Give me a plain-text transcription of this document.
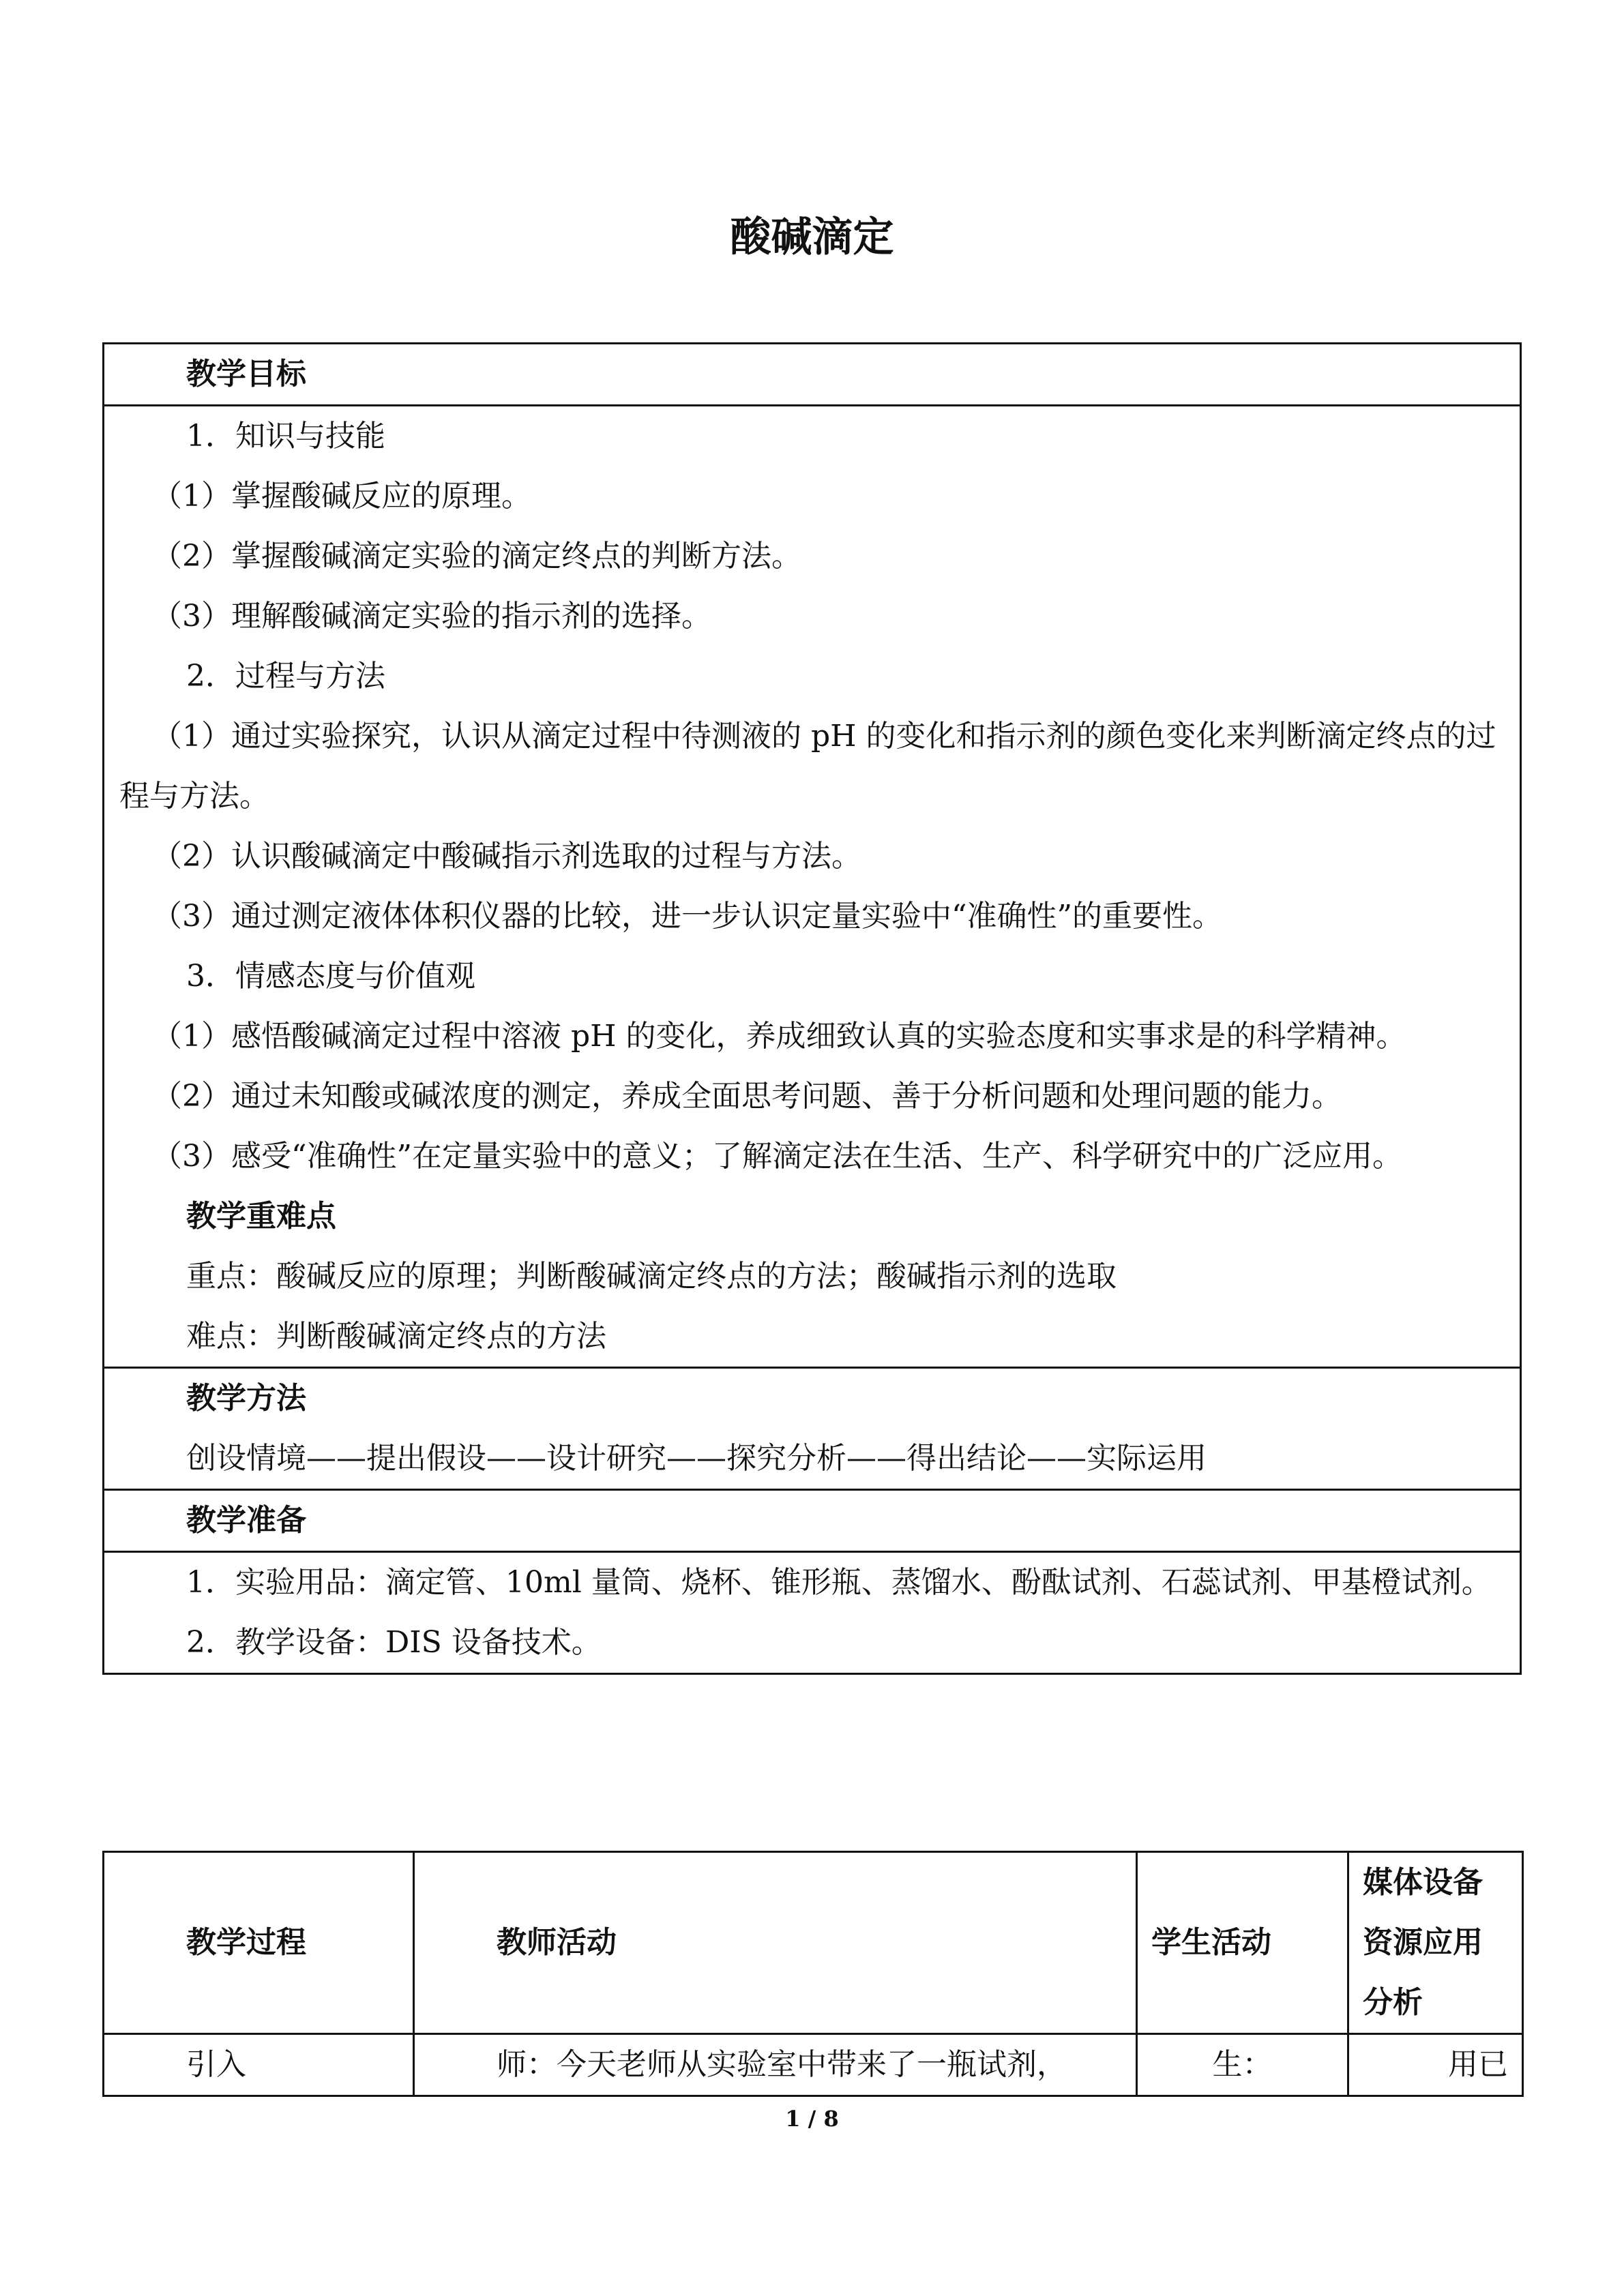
酸碱滴定
教学目标

1．知识与技能
（1）掌握酸碱反应的原理。
（2）掌握酸碱滴定实验的滴定终点的判断方法。
（3）理解酸碱滴定实验的指示剂的选择。
2．过程与方法
（1）通过实验探究，认识从滴定过程中待测液的 pH 的变化和指示剂的颜色变化来判断滴定终点的过程与方法。
（2）认识酸碱滴定中酸碱指示剂选取的过程与方法。
（3）通过测定液体体积仪器的比较，进一步认识定量实验中“准确性”的重要性。
3．情感态度与价值观
（1）感悟酸碱滴定过程中溶液 pH 的变化，养成细致认真的实验态度和实事求是的科学精神。
（2）通过未知酸或碱浓度的测定，养成全面思考问题、善于分析问题和处理问题的能力。
（3）感受“准确性”在定量实验中的意义；了解滴定法在生活、生产、科学研究中的广泛应用。
教学重难点
重点：酸碱反应的原理；判断酸碱滴定终点的方法；酸碱指示剂的选取
难点：判断酸碱滴定终点的方法

教学方法
创设情境——提出假设——设计研究——探究分析——得出结论——实际运用

教学准备

1．实验用品：滴定管、10ml 量筒、烧杯、锥形瓶、蒸馏水、酚酞试剂、石蕊试剂、甲基橙试剂。
2．教学设备：DIS 设备技术。
教学过程	教师活动	学生活动	媒体设备资源应用分析
引入	师：今天老师从实验室中带来了一瓶试剂，	生：	用已
1 / 8
